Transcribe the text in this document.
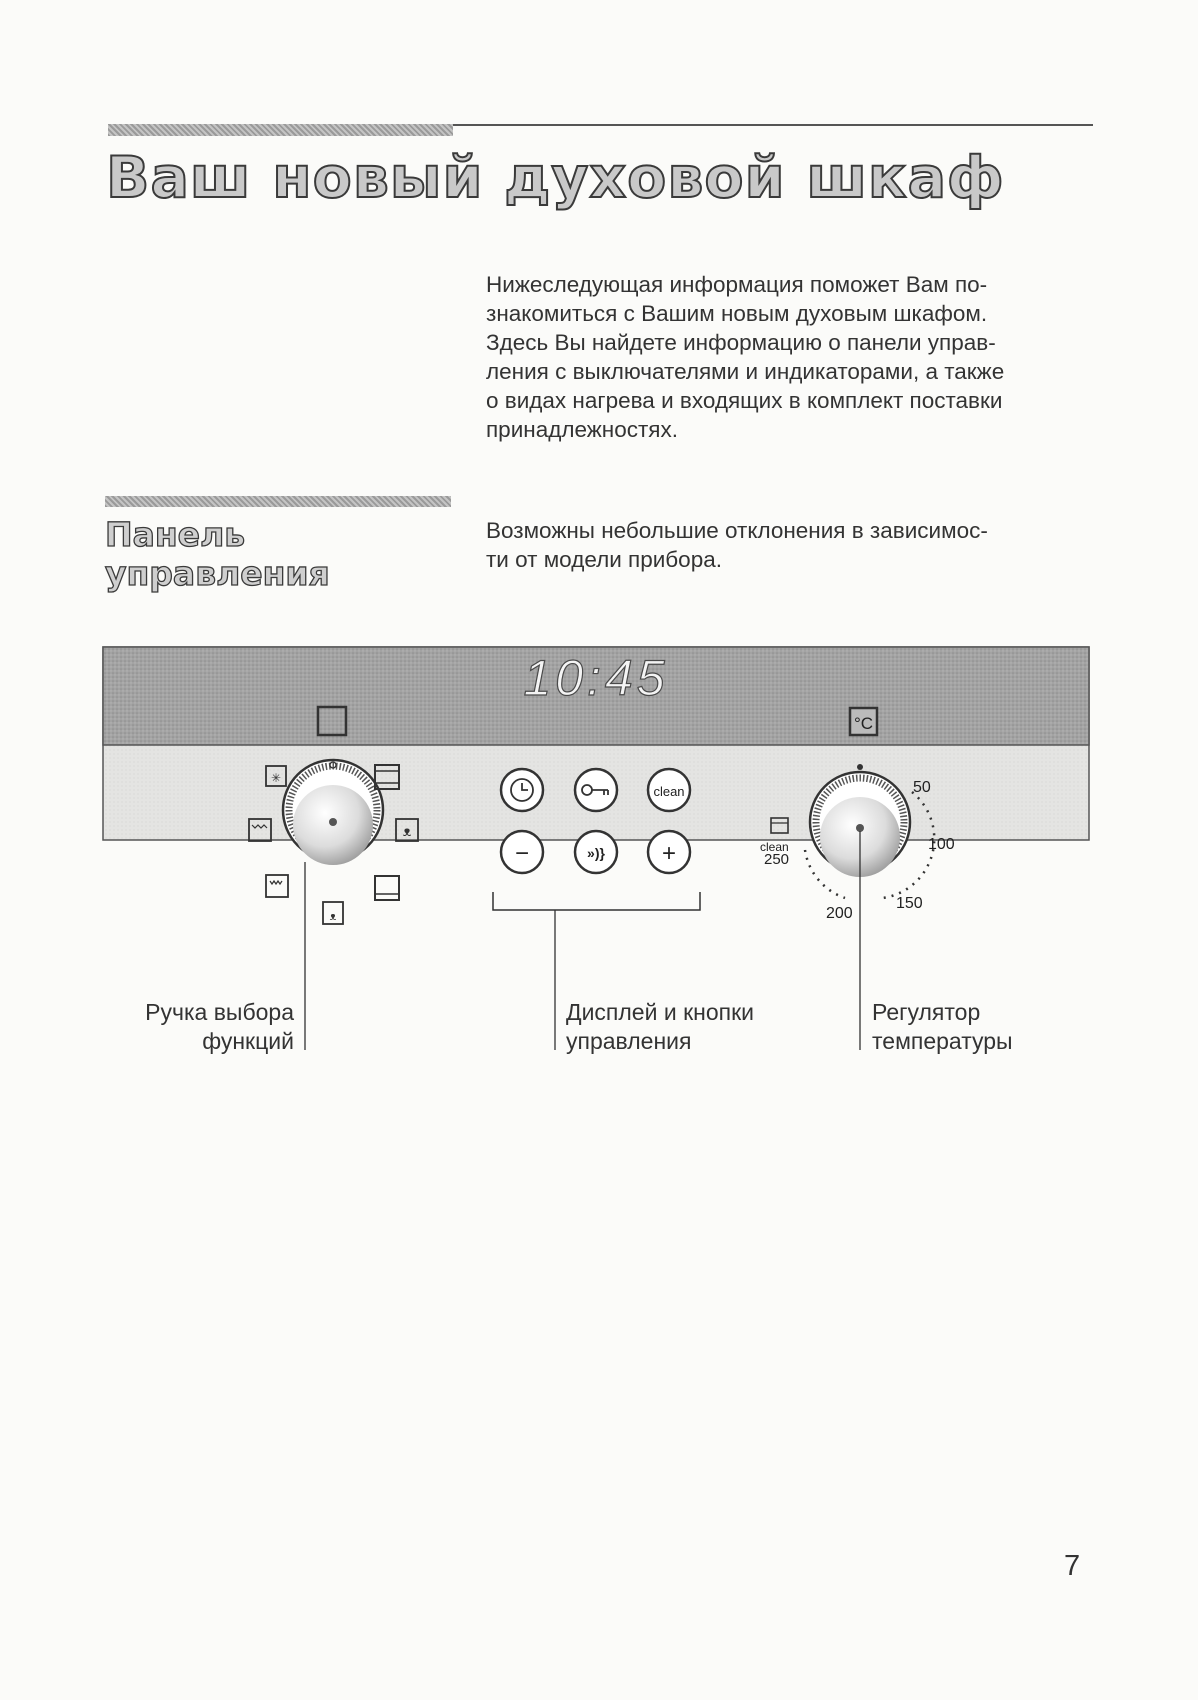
Ваш новый духовой шкаф

Нижеследующая информация поможет Вам по-
знакомиться с Вашим новым духовым шкафом.
Здесь Вы найдете информацию о панели управ-
ления с выключателями и индикаторами, а также
о видах нагрева и входящих в комплект поставки
принадлежностях.

Панель
управления

Возможны небольшие отклонения в зависимос-
ти от модели прибора.

10:45
°C
✳
ᴥ
ᴥ
clean
−	»)} +
50
100
150
200
250
clean
Ручка выбора
функций
Дисплей и кнопки
управления
Регулятор
температуры
7
